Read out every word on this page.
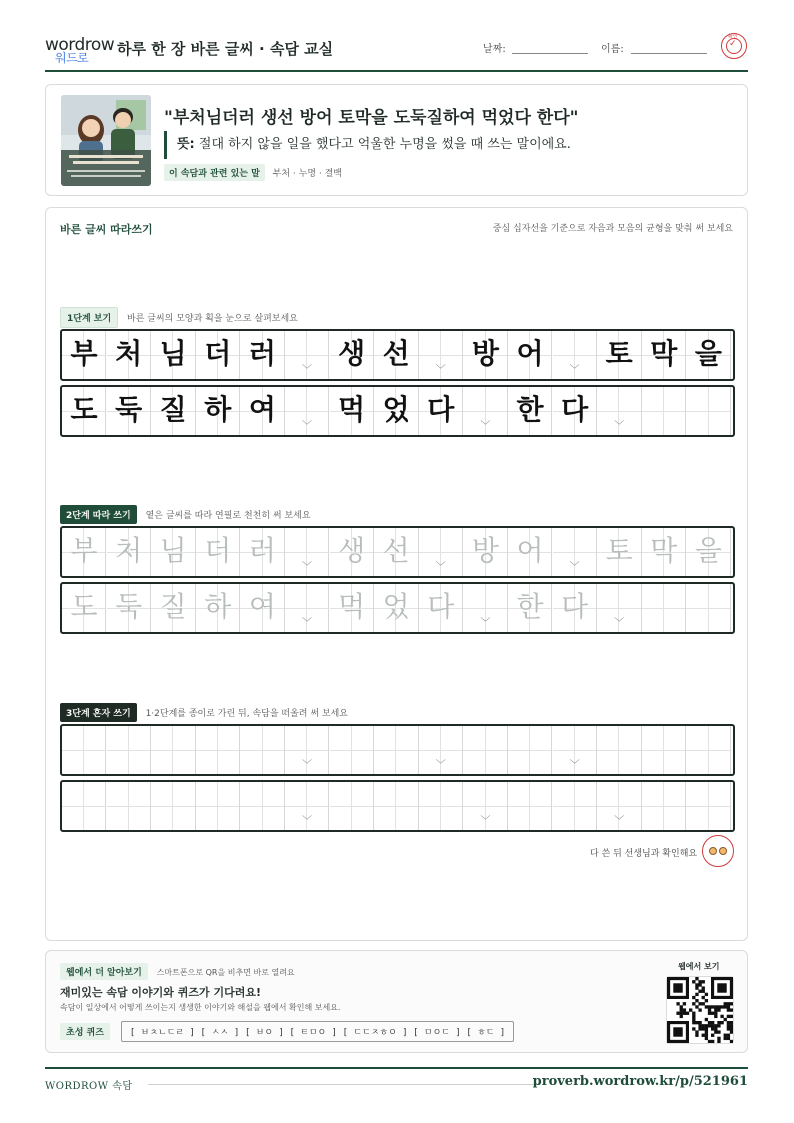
wordrow
워드로 하루 한 장 바른 글씨 · 속담 교실	날짜:	이름:
확인
✓
"부처님더러 생선 방어 토막을 도둑질하여 먹었다 한다"
뜻: 절대 하지 않을 일을 했다고 억울한 누명을 썼을 때 쓰는 말이에요.
이 속담과 관련 있는 말 부처 · 누명 · 결백
바른 글씨 따라쓰기	중심 십자선을 기준으로 자음과 모음의 균형을 맞춰 써 보세요
1단계 보기 바른 글씨의 모양과 획을 눈으로 살펴보세요
부 처 님 더 러
﹀
생 선
﹀
방 어
﹀
토 막 을
도 둑 질 하 여
﹀
먹 었 다
﹀
한 다
﹀
2단계 따라 쓰기 옅은 글씨를 따라 연필로 천천히 써 보세요
부 처 님 더 러
﹀
생 선
﹀
방 어
﹀
토 막 을
도 둑 질 하 여
﹀
먹 었 다
﹀
한 다
﹀
3단계 혼자 쓰기 1·2단계를 종이로 가린 뒤, 속담을 떠올려 써 보세요
﹀	﹀	﹀
﹀	﹀	﹀
다 쓴 뒤 선생님과 확인해요
웹에서 더 알아보기 스마트폰으로 QR을 비추면 바로 열려요
재미있는 속담 이야기와 퀴즈가 기다려요!
속담이 일상에서 어떻게 쓰이는지 생생한 이야기와 해설을 웹에서 확인해 보세요.
초성 퀴즈	[ ㅂㅊㄴㄷㄹ ] [ ㅅㅅ ] [ ㅂㅇ ] [ ㅌㅁㅇ ] [ ㄷㄷㅈㅎㅇ ] [ ㅁㅇㄷ ] [ ㅎㄷ ]
웹에서 보기
WORDROW 속담	proverb.wordrow.kr/p/521961
